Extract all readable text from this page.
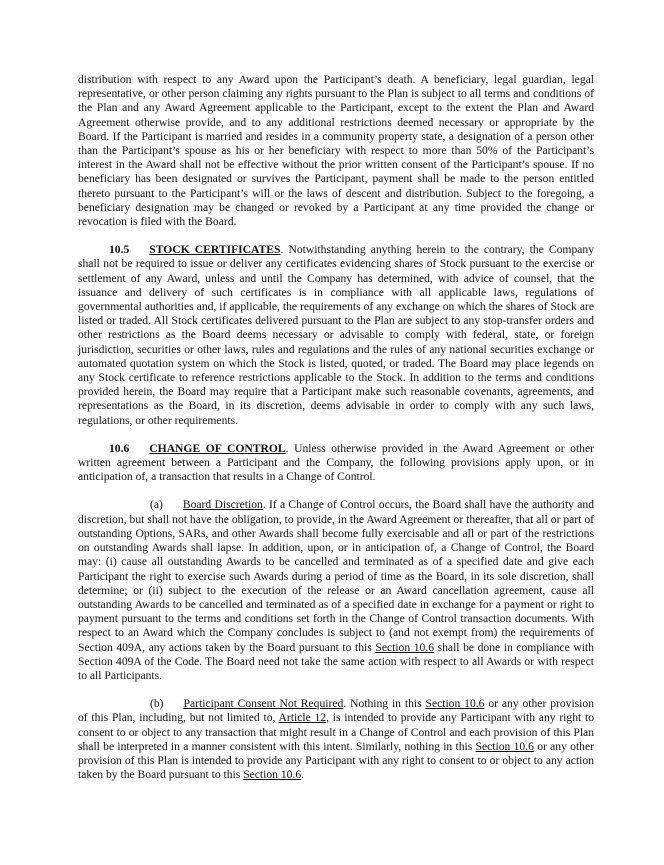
distribution with respect to any Award upon the Participant’s death. A beneficiary, legal guardian, legal representative, or other person claiming any rights pursuant to the Plan is subject to all terms and conditions of the Plan and any Award Agreement applicable to the Participant, except to the extent the Plan and Award Agreement otherwise provide, and to any additional restrictions deemed necessary or appropriate by the Board. If the Participant is married and resides in a community property state, a designation of a person other than the Participant’s spouse as his or her beneficiary with respect to more than 50% of the Participant’s interest in the Award shall not be effective without the prior written consent of the Participant’s spouse. If no beneficiary has been designated or survives the Participant, payment shall be made to the person entitled thereto pursuant to the Participant’s will or the laws of descent and distribution. Subject to the foregoing, a beneficiary designation may be changed or revoked by a Participant at any time provided the change or revocation is filed with the Board.

10.5 STOCK CERTIFICATES. Notwithstanding anything herein to the contrary, the Company shall not be required to issue or deliver any certificates evidencing shares of Stock pursuant to the exercise or settlement of any Award, unless and until the Company has determined, with advice of counsel, that the issuance and delivery of such certificates is in compliance with all applicable laws, regulations of governmental authorities and, if applicable, the requirements of any exchange on which the shares of Stock are listed or traded. All Stock certificates delivered pursuant to the Plan are subject to any stop-transfer orders and other restrictions as the Board deems necessary or advisable to comply with federal, state, or foreign jurisdiction, securities or other laws, rules and regulations and the rules of any national securities exchange or automated quotation system on which the Stock is listed, quoted, or traded. The Board may place legends on any Stock certificate to reference restrictions applicable to the Stock. In addition to the terms and conditions provided herein, the Board may require that a Participant make such reasonable covenants, agreements, and representations as the Board, in its discretion, deems advisable in order to comply with any such laws, regulations, or other requirements.

10.6 CHANGE OF CONTROL. Unless otherwise provided in the Award Agreement or other written agreement between a Participant and the Company, the following provisions apply upon, or in anticipation of, a transaction that results in a Change of Control.

(a) Board Discretion. If a Change of Control occurs, the Board shall have the authority and discretion, but shall not have the obligation, to provide, in the Award Agreement or thereafter, that all or part of outstanding Options, SARs, and other Awards shall become fully exercisable and all or part of the restrictions on outstanding Awards shall lapse. In addition, upon, or in anticipation of, a Change of Control, the Board may: (i) cause all outstanding Awards to be cancelled and terminated as of a specified date and give each Participant the right to exercise such Awards during a period of time as the Board, in its sole discretion, shall determine; or (ii) subject to the execution of the release or an Award cancellation agreement, cause all outstanding Awards to be cancelled and terminated as of a specified date in exchange for a payment or right to payment pursuant to the terms and conditions set forth in the Change of Control transaction documents. With respect to an Award which the Company concludes is subject to (and not exempt from) the requirements of Section 409A, any actions taken by the Board pursuant to this Section 10.6 shall be done in compliance with Section 409A of the Code. The Board need not take the same action with respect to all Awards or with respect to all Participants.

(b) Participant Consent Not Required. Nothing in this Section 10.6 or any other provision of this Plan, including, but not limited to, Article 12, is intended to provide any Participant with any right to consent to or object to any transaction that might result in a Change of Control and each provision of this Plan shall be interpreted in a manner consistent with this intent. Similarly, nothing in this Section 10.6 or any other provision of this Plan is intended to provide any Participant with any right to consent to or object to any action taken by the Board pursuant to this Section 10.6.
